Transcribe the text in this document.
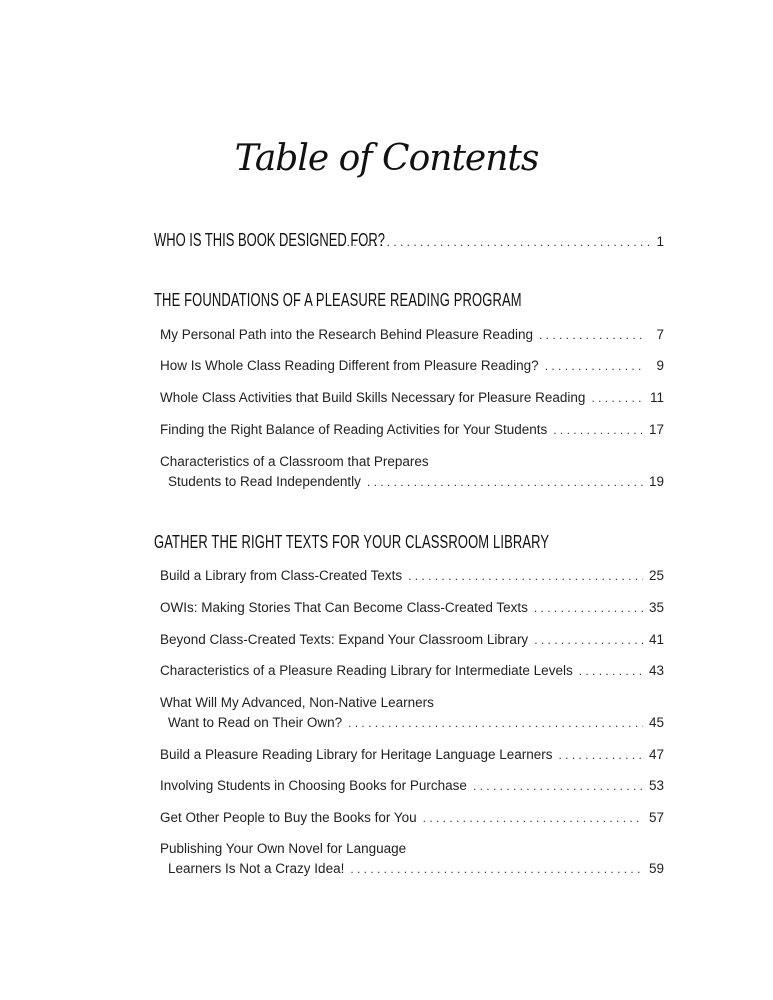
Table of Contents
WHO IS THIS BOOK DESIGNED FOR? . . .	1
THE FOUNDATIONS OF A PLEASURE READING PROGRAM
My Personal Path into the Research Behind Pleasure Reading . . .	7
How Is Whole Class Reading Different from Pleasure Reading? . . .	9
Whole Class Activities that Build Skills Necessary for Pleasure Reading . . .	11
Finding the Right Balance of Reading Activities for Your Students . . .	17
Characteristics of a Classroom that Prepares
Students to Read Independently . . .	19
GATHER THE RIGHT TEXTS FOR YOUR CLASSROOM LIBRARY
Build a Library from Class-Created Texts . . .	25
OWIs: Making Stories That Can Become Class-Created Texts . . .	35
Beyond Class-Created Texts: Expand Your Classroom Library . . .	41
Characteristics of a Pleasure Reading Library for Intermediate Levels . . .	43
What Will My Advanced, Non-Native Learners
Want to Read on Their Own? . . .	45
Build a Pleasure Reading Library for Heritage Language Learners . . .	47
Involving Students in Choosing Books for Purchase . . .	53
Get Other People to Buy the Books for You . . .	57
Publishing Your Own Novel for Language
Learners Is Not a Crazy Idea! . . .	59
